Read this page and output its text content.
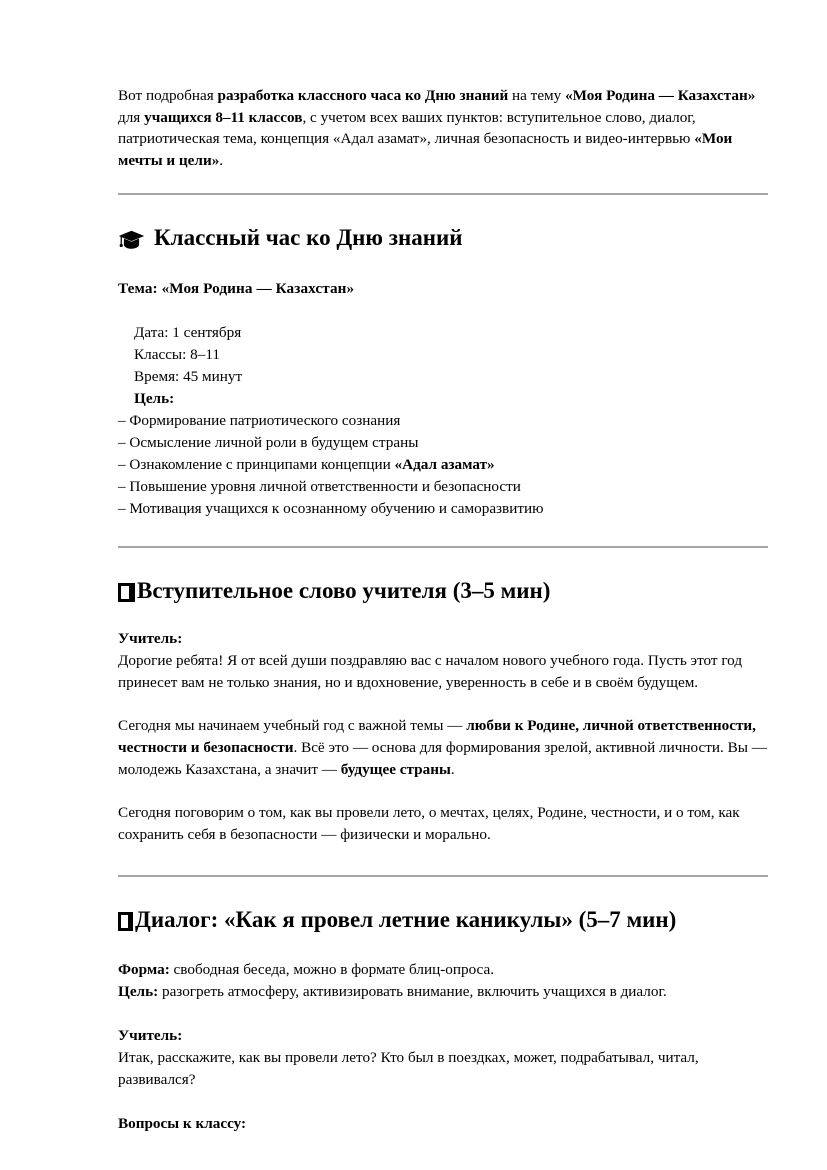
Вот подробная разработка классного часа ко Дню знаний на тему «Моя Родина — Казахстан» для учащихся 8–11 классов, с учетом всех ваших пунктов: вступительное слово, диалог, патриотическая тема, концепция «Адал азамат», личная безопасность и видео-интервью «Мои мечты и цели».

Классный час ко Дню знаний
Тема: «Моя Родина — Казахстан»
Дата: 1 сентября
Классы: 8–11
Время: 45 минут
Цель:
– Формирование патриотического сознания
– Осмысление личной роли в будущем страны
– Ознакомление с принципами концепции «Адал азамат»
– Повышение уровня личной ответственности и безопасности
– Мотивация учащихся к осознанному обучению и саморазвитию
Вступительное слово учителя (3–5 мин)
Учитель:

Дорогие ребята! Я от всей души поздравляю вас с началом нового учебного года. Пусть этот год принесет вам не только знания, но и вдохновение, уверенность в себе и в своём будущем.

Сегодня мы начинаем учебный год с важной темы — любви к Родине, личной ответственности, честности и безопасности. Всё это — основа для формирования зрелой, активной личности. Вы — молодежь Казахстана, а значит — будущее страны.

Сегодня поговорим о том, как вы провели лето, о мечтах, целях, Родине, честности, и о том, как сохранить себя в безопасности — физически и морально.

Диалог: «Как я провел летние каникулы» (5–7 мин)
Форма: свободная беседа, можно в формате блиц-опроса.
Цель: разогреть атмосферу, активизировать внимание, включить учащихся в диалог.
Учитель:

Итак, расскажите, как вы провели лето? Кто был в поездках, может, подрабатывал, читал, развивался?

Вопросы к классу:
